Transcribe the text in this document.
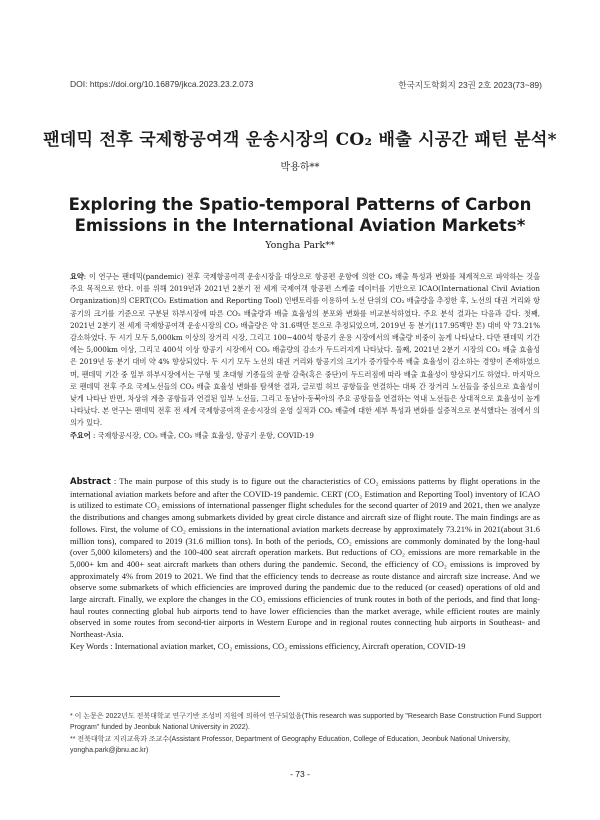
DOI: https://doi.org/10.16879/jkca.2023.23.2.073	한국지도학회지 23권 2호 2023(73~89)
팬데믹 전후 국제항공여객 운송시장의 CO₂ 배출 시공간 패턴 분석*
박용하**
Exploring the Spatio-temporal Patterns of Carbon Emissions in the International Aviation Markets*
Yongha Park**
요약: 이 연구는 팬데믹(pandemic) 전후 국제항공여객 운송시장을 대상으로 항공편 운항에 의한 CO₂ 배출 특성과 변화를 체계적으로 파악하는 것을 주요 목적으로 한다. 이를 위해 2019년과 2021년 2분기 전 세계 국제여객 항공편 스케줄 데이터를 기반으로 ICAO(International Civil Aviation Organization)의 CERT(CO₂ Estimation and Reporting Tool) 인벤토리를 이용하여 노선 단위의 CO₂ 배출량을 추정한 후, 노선의 대권 거리와 항공기의 크기를 기준으로 구분된 하부시장에 따른 CO₂ 배출량과 배출 효율성의 분포와 변화를 비교분석하였다. 주요 분석 결과는 다음과 같다. 첫째, 2021년 2분기 전 세계 국제항공여객 운송시장의 CO₂ 배출량은 약 31.6백만 톤으로 추정되었으며, 2019년 동 분기(117.95백만 톤) 대비 약 73.21% 감소하였다. 두 시기 모두 5,000km 이상의 장거리 시장, 그리고 100~400석 항공기 운용 시장에서의 배출량 비중이 높게 나타났다. 다만 팬데믹 기간에는 5,000km 이상, 그리고 400석 이상 항공기 시장에서 CO₂ 배출량의 감소가 두드러지게 나타났다. 둘째, 2021년 2분기 시장의 CO₂ 배출 효율성은 2019년 동 분기 대비 약 4% 향상되었다. 두 시기 모두 노선의 대권 거리와 항공기의 크기가 증가할수록 배출 효율성이 감소하는 경향이 존재하였으며, 팬데믹 기간 중 일부 하부시장에서는 구형 및 초대형 기종들의 운항 감축(혹은 중단)이 두드러짐에 따라 배출 효율성이 향상되기도 하였다. 마지막으로 팬데믹 전후 주요 국제노선들의 CO₂ 배출 효율성 변화를 탐색한 결과, 글로벌 허브 공항들을 연결하는 대륙 간 장거리 노선들을 중심으로 효율성이 낮게 나타난 반면, 차상위 계층 공항들과 연결된 일부 노선들, 그리고 동남아·동북아의 주요 공항들을 연결하는 역내 노선들은 상대적으로 효율성이 높게 나타났다. 본 연구는 팬데믹 전후 전 세계 국제항공여객 운송시장의 운영 실적과 CO₂ 배출에 대한 세부 특성과 변화를 실증적으로 분석했다는 점에서 의의가 있다.
주요어 : 국제항공시장, CO₂ 배출, CO₂ 배출 효율성, 항공기 운항, COVID-19
Abstract : The main purpose of this study is to figure out the characteristics of CO₂ emissions patterns by flight operations in the international aviation markets before and after the COVID-19 pandemic. CERT (CO₂ Estimation and Reporting Tool) inventory of ICAO is utilized to estimate CO₂ emissions of international passenger flight schedules for the second quarter of 2019 and 2021, then we analyze the distributions and changes among submarkets divided by great circle distance and aircraft size of flight route. The main findings are as follows. First, the volume of CO₂ emissions in the international aviation markets decrease by approximately 73.21% in 2021(about 31.6 million tons), compared to 2019 (31.6 million tons). In both of the periods, CO₂ emissions are commonly dominated by the long-haul (over 5,000 kilometers) and the 100-400 seat aircraft operation markets. But reductions of CO₂ emissions are more remarkable in the 5,000+ km and 400+ seat aircraft markets than others during the pandemic. Second, the efficiency of CO₂ emissions is improved by approximately 4% from 2019 to 2021. We find that the efficiency tends to decrease as route distance and aircraft size increase. And we observe some submarkets of which efficiencies are improved during the pandemic due to the reduced (or ceased) operations of old and large aircraft. Finally, we explore the changes in the CO₂ emissions efficiencies of trunk routes in both of the periods, and find that long-haul routes connecting global hub airports tend to have lower efficiencies than the market average, while efficient routes are mainly observed in some routes from second-tier airports in Western Europe and in regional routes connecting hub airports in Southeast- and Northeast-Asia.
Key Words : International aviation market, CO₂ emissions, CO₂ emissions efficiency, Aircraft operation, COVID-19
* 이 논문은 2022년도 전북대학교 연구기반 조성비 지원에 의하여 연구되었음(This research was supported by "Research Base Construction Fund Support Program" funded by Jeonbuk National University in 2022).
** 전북대학교 지리교육과 조교수(Assistant Professor, Department of Geography Education, College of Education, Jeonbuk National University, yongha.park@jbnu.ac.kr)
- 73 -
